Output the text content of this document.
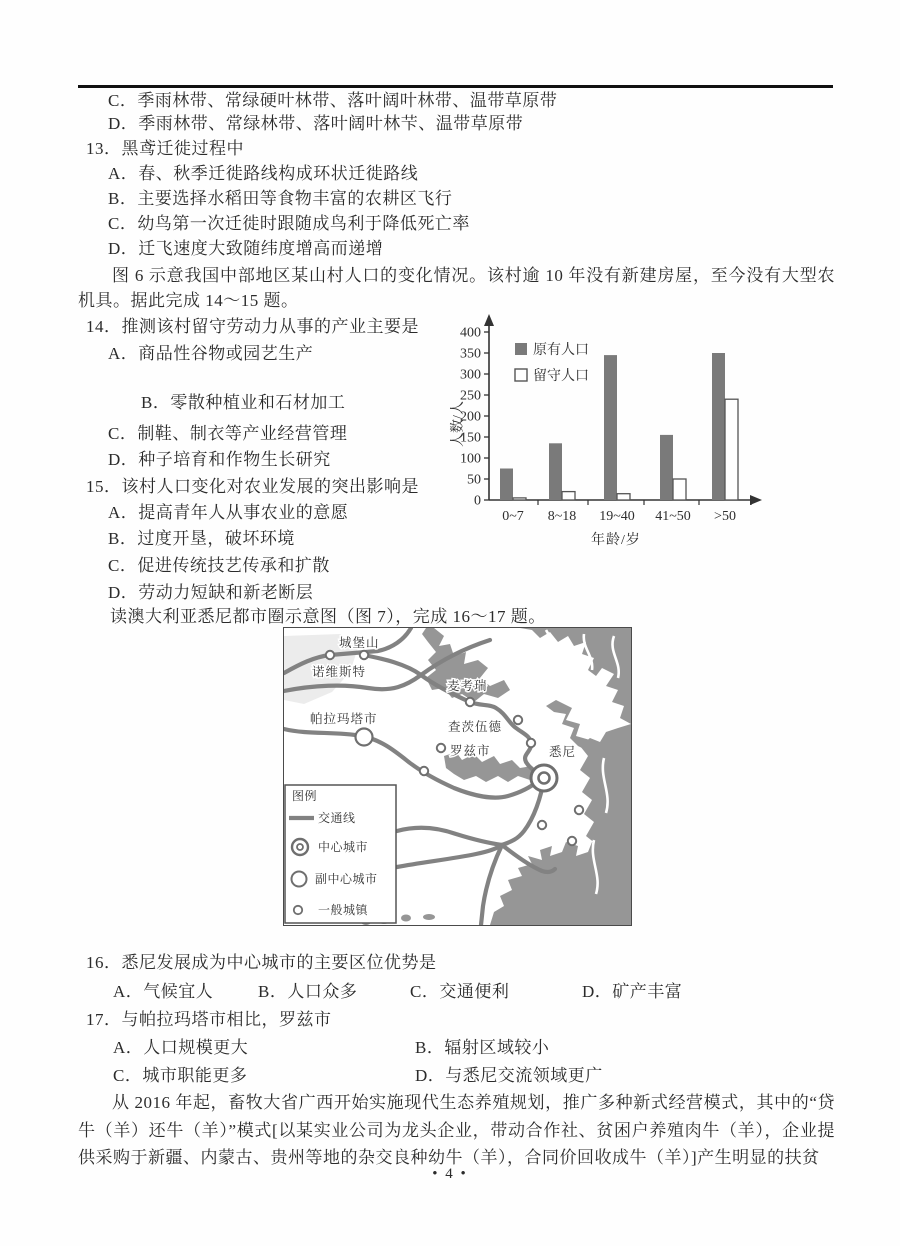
C．季雨林带、常绿硬叶林带、落叶阔叶林带、温带草原带
D．季雨林带、常绿林带、落叶阔叶林芐、温带草原带
13．黑鸢迁徙过程中
A．春、秋季迁徙路线构成环状迁徙路线
B．主要选择水稻田等食物丰富的农耕区飞行
C．幼鸟第一次迁徙时跟随成鸟利于降低死亡率
D．迁飞速度大致随纬度增高而递增
图 6 示意我国中部地区某山村人口的变化情况。该村逾 10 年没有新建房屋，至今没有大型农机具。据此完成 14～15 题。
14．推测该村留守劳动力从事的产业主要是
A．商品性谷物或园艺生产
B．零散种植业和石材加工
C．制鞋、制衣等产业经营管理
D．种子培育和作物生长研究
15．该村人口变化对农业发展的突出影响是
A．提高青年人从事农业的意愿
B．过度开垦，破坏环境
C．促进传统技艺传承和扩散
D．劳动力短缺和新老断层
读澳大利亚悉尼都市圈示意图（图 7），完成 16～17 题。
原有人口
留守人口
人数/人
年龄/岁
0
50
100
150
200
250
300
350
400
0~7 8~18 19~40 41~50 >50
城堡山
诺维斯特
麦考瑞
帕拉玛塔市
查茨伍德
罗兹市	悉尼
图例
交通线
中心城市
副中心城市
一般城镇
16．悉尼发展成为中心城市的主要区位优势是
A．气候宜人	B．人口众多	C．交通便利	D．矿产丰富
17．与帕拉玛塔市相比，罗兹市
A．人口规模更大	B．辐射区域较小
C．城市职能更多	D．与悉尼交流领域更广
从 2016 年起，畜牧大省广西开始实施现代生态养殖规划，推广多种新式经营模式，其中的“贷牛（羊）还牛（羊）”模式[以某实业公司为龙头企业，带动合作社、贫困户养殖肉牛（羊），企业提供采购于新疆、内蒙古、贵州等地的杂交良种幼牛（羊），合同价回收成牛（羊）]产生明显的扶贫
• 4 •
